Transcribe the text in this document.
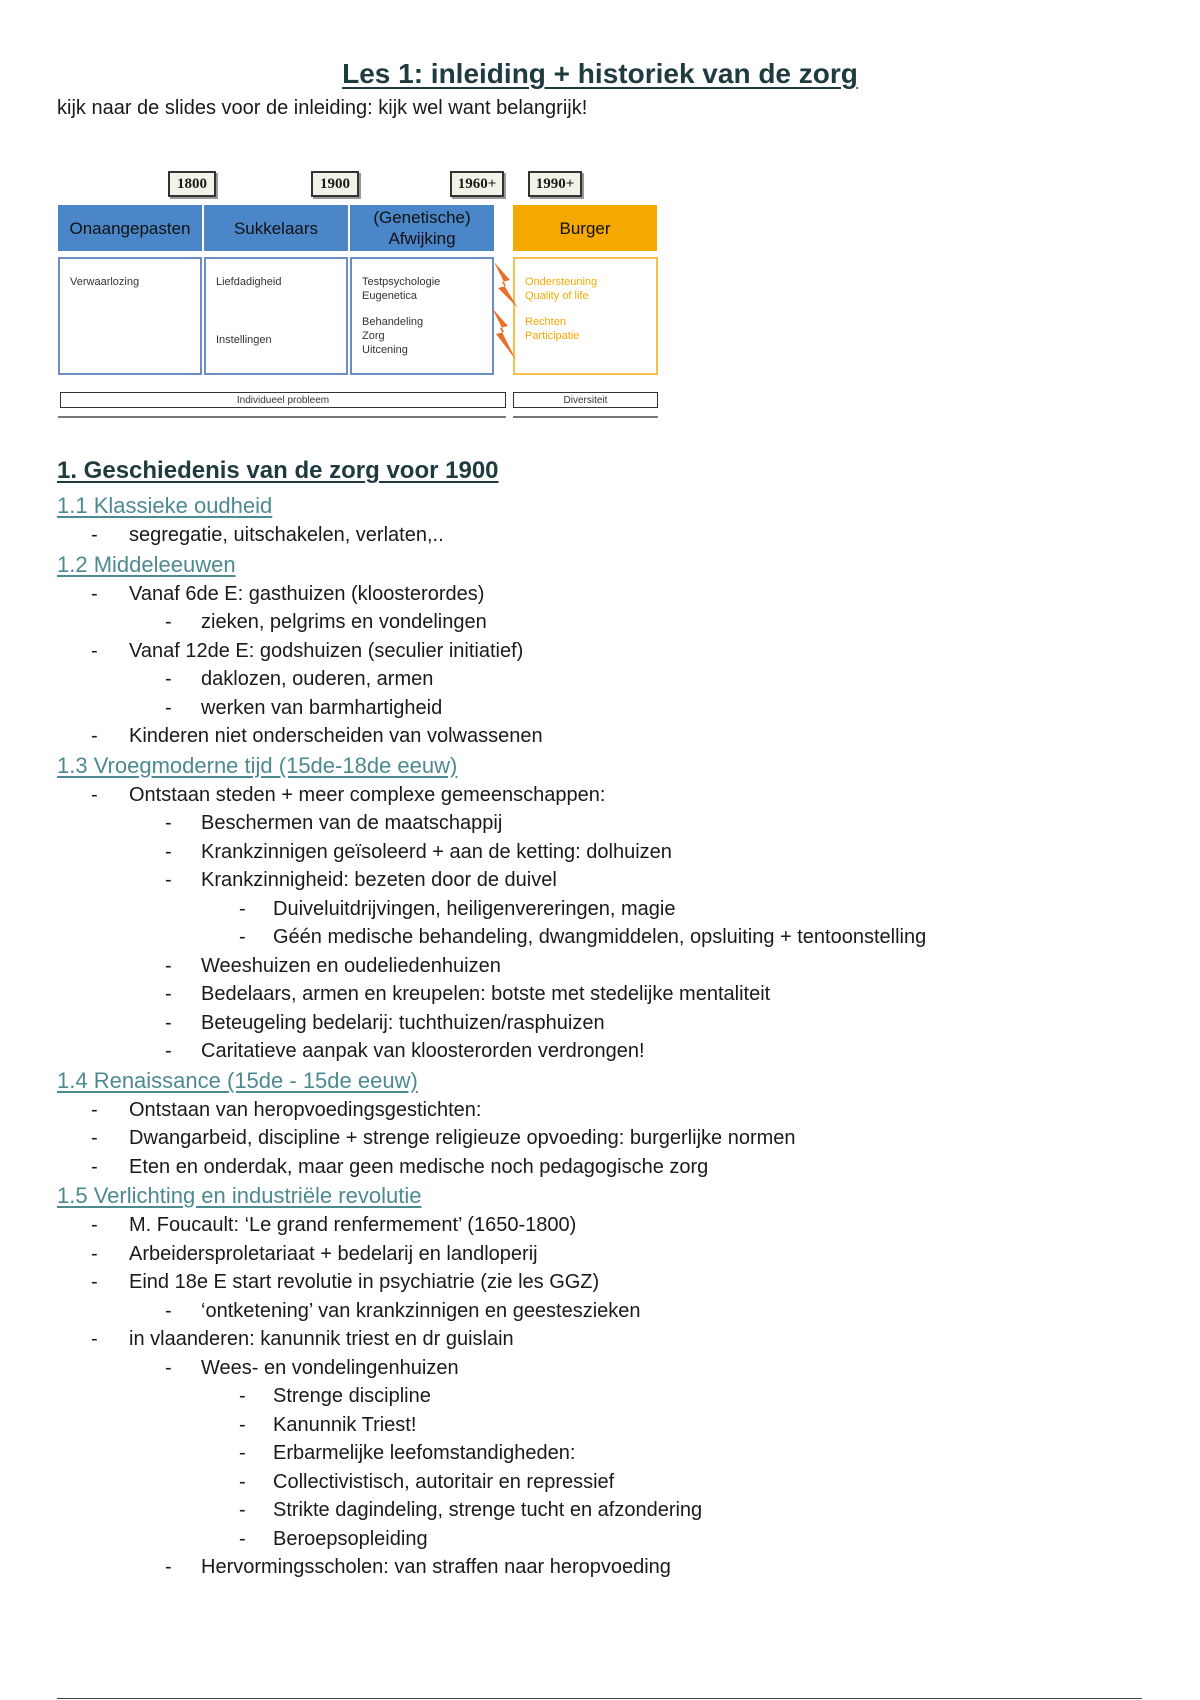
Les 1: inleiding + historiek van de zorg
kijk naar de slides voor de inleiding: kijk wel want belangrijk!
1800	1900	1960+	1990+
Onaangepasten	Sukkelaars
(Genetische) Afwijking
Burger
Verwaarlozing	Liefdadigheid
Instellingen
Testpsychologie
Eugenetica
Behandeling
Zorg
Uitcening
Ondersteuning
Quality of life
Rechten
Participatie
Individueel probleem	Diversiteit
1. Geschiedenis van de zorg voor 1900
1.1 Klassieke oudheid
- segregatie, uitschakelen, verlaten,..
1.2 Middeleeuwen
- Vanaf 6de E: gasthuizen (kloosterordes)
- zieken, pelgrims en vondelingen
- Vanaf 12de E: godshuizen (seculier initiatief)
- daklozen, ouderen, armen
- werken van barmhartigheid
- Kinderen niet onderscheiden van volwassenen
1.3 Vroegmoderne tijd (15de-18de eeuw)
- Ontstaan steden + meer complexe gemeenschappen:
- Beschermen van de maatschappij
- Krankzinnigen geïsoleerd + aan de ketting: dolhuizen
- Krankzinnigheid: bezeten door de duivel
- Duiveluitdrijvingen, heiligenvereringen, magie
- Géén medische behandeling, dwangmiddelen, opsluiting + tentoonstelling
- Weeshuizen en oudeliedenhuizen
- Bedelaars, armen en kreupelen: botste met stedelijke mentaliteit
- Beteugeling bedelarij: tuchthuizen/rasphuizen
- Caritatieve aanpak van kloosterorden verdrongen!
1.4 Renaissance (15de - 15de eeuw)
- Ontstaan van heropvoedingsgestichten:
- Dwangarbeid, discipline + strenge religieuze opvoeding: burgerlijke normen
- Eten en onderdak, maar geen medische noch pedagogische zorg
1.5 Verlichting en industriële revolutie
- M. Foucault: ‘Le grand renfermement’ (1650-1800)
- Arbeidersproletariaat + bedelarij en landloperij
- Eind 18e E start revolutie in psychiatrie (zie les GGZ)
- ‘ontketening’ van krankzinnigen en geesteszieken
- in vlaanderen: kanunnik triest en dr guislain
- Wees- en vondelingenhuizen
- Strenge discipline
- Kanunnik Triest!
- Erbarmelijke leefomstandigheden:
- Collectivistisch, autoritair en repressief
- Strikte dagindeling, strenge tucht en afzondering
- Beroepsopleiding
- Hervormingsscholen: van straffen naar heropvoeding
